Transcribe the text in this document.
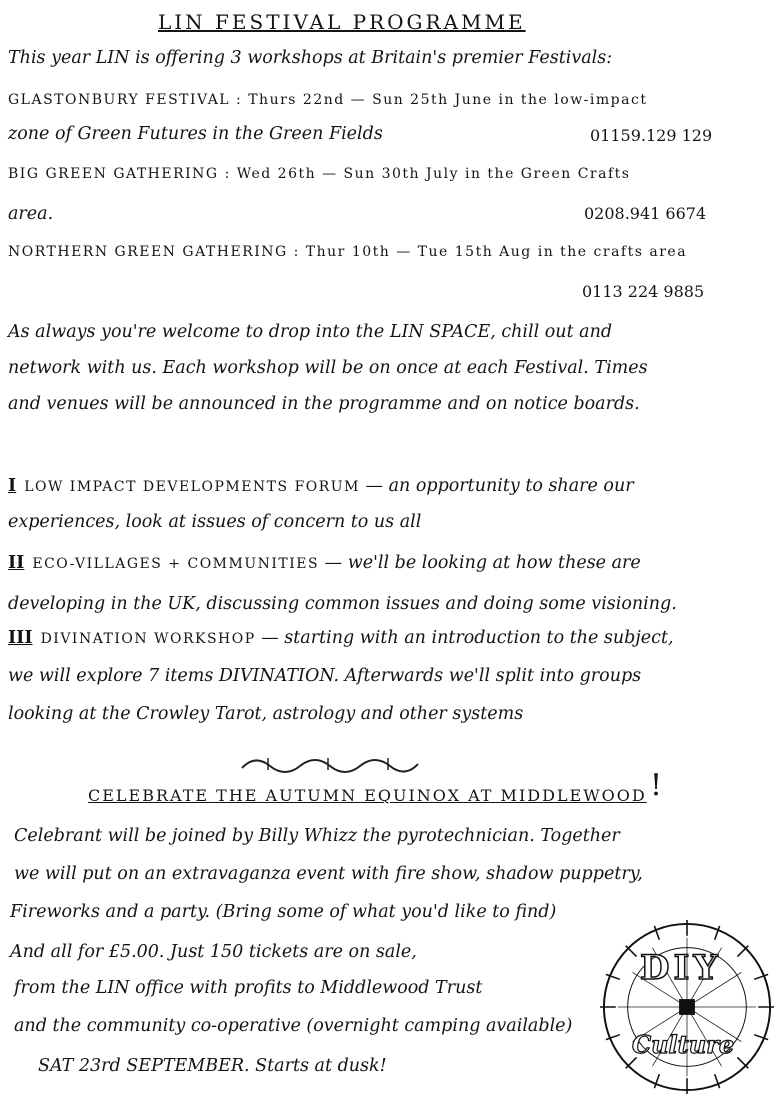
LIN FESTIVAL PROGRAMME
This year LIN is offering 3 workshops at Britain's premier Festivals:
GLASTONBURY FESTIVAL : Thurs 22nd — Sun 25th June in the low-impact
zone of Green Futures in the Green Fields	01159.129 129
BIG GREEN GATHERING : Wed 26th — Sun 30th July in the Green Crafts
area.	0208.941 6674
NORTHERN GREEN GATHERING : Thur 10th — Tue 15th Aug in the crafts area
0113 224 9885
As always you're welcome to drop into the LIN SPACE, chill out and
network with us. Each workshop will be on once at each Festival. Times
and venues will be announced in the programme and on notice boards.
I LOW IMPACT DEVELOPMENTS FORUM — an opportunity to share our
experiences, look at issues of concern to us all
II ECO-VILLAGES + COMMUNITIES — we'll be looking at how these are
developing in the UK, discussing common issues and doing some visioning.
III DIVINATION WORKSHOP — starting with an introduction to the subject,
we will explore 7 items DIVINATION. Afterwards we'll split into groups
looking at the Crowley Tarot, astrology and other systems
CELEBRATE THE AUTUMN EQUINOX AT MIDDLEWOOD !
Celebrant will be joined by Billy Whizz the pyrotechnician. Together
we will put on an extravaganza event with fire show, shadow puppetry,
Fireworks and a party. (Bring some of what you'd like to find)
And all for £5.00. Just 150 tickets are on sale,
from the LIN office with profits to Middlewood Trust
and the community co-operative (overnight camping available)
SAT 23rd SEPTEMBER. Starts at dusk!
DIY
Culture
